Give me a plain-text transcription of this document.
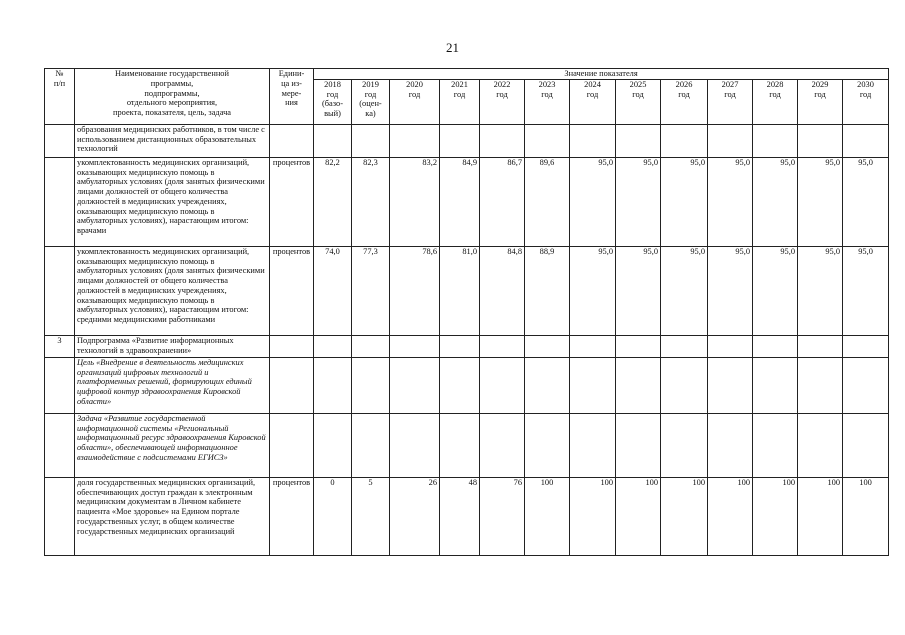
21
№
п/п	Наименование государственной
программы,
подпрограммы,
отдельного мероприятия,
проекта, показателя, цель, задача	Едини-
ца из-
мере-
ния	Значение показателя												
			2018
год
(базо-
вый)	2019
год
(оцен-
ка)	2020
год	2021
год	2022
год	2023
год	2024
год	2025
год	2026
год	2027
год	2028
год	2029
год	2030
год
	образования медицинских работников, в том числе с использованием дистанционных образовательных технологий														
	укомплектованность медицинских организаций, оказывающих медицинскую помощь в амбулаторных условиях (доля занятых физическими лицами должностей от общего количества должностей в медицинских учреждениях, оказывающих медицинскую помощь в амбулаторных условиях), нарастающим итогом: врачами	процентов	82,2	82,3	83,2	84,9	86,7	89,6	95,0	95,0	95,0	95,0	95,0	95,0	95,0
	укомплектованность медицинских организаций, оказывающих медицинскую помощь в амбулаторных условиях (доля занятых физическими лицами должностей от общего количества должностей в медицинских учреждениях, оказывающих медицинскую помощь в амбулаторных условиях), нарастающим итогом: средними медицинскими работниками	процентов	74,0	77,3	78,6	81,0	84,8	88,9	95,0	95,0	95,0	95,0	95,0	95,0	95,0
3	Подпрограмма «Развитие информационных технологий в здравоохранении»														
	Цель «Внедрение в деятельность медицинских организаций цифровых технологий и платформенных решений, формирующих единый цифровой контур здравоохранения Кировской области»														
	Задача «Развитие государственной информационной системы «Региональный информационный ресурс здравоохранения Кировской области», обеспечивающей информационное взаимодействие с подсистемами ЕГИСЗ»														
	доля государственных медицинских организаций, обеспечивающих доступ граждан к электронным медицинским документам в Личном кабинете пациента «Мое здоровье» на Едином портале государственных услуг, в общем количестве государственных медицинских организаций	процентов	0	5	26	48	76	100	100	100	100	100	100	100	100
